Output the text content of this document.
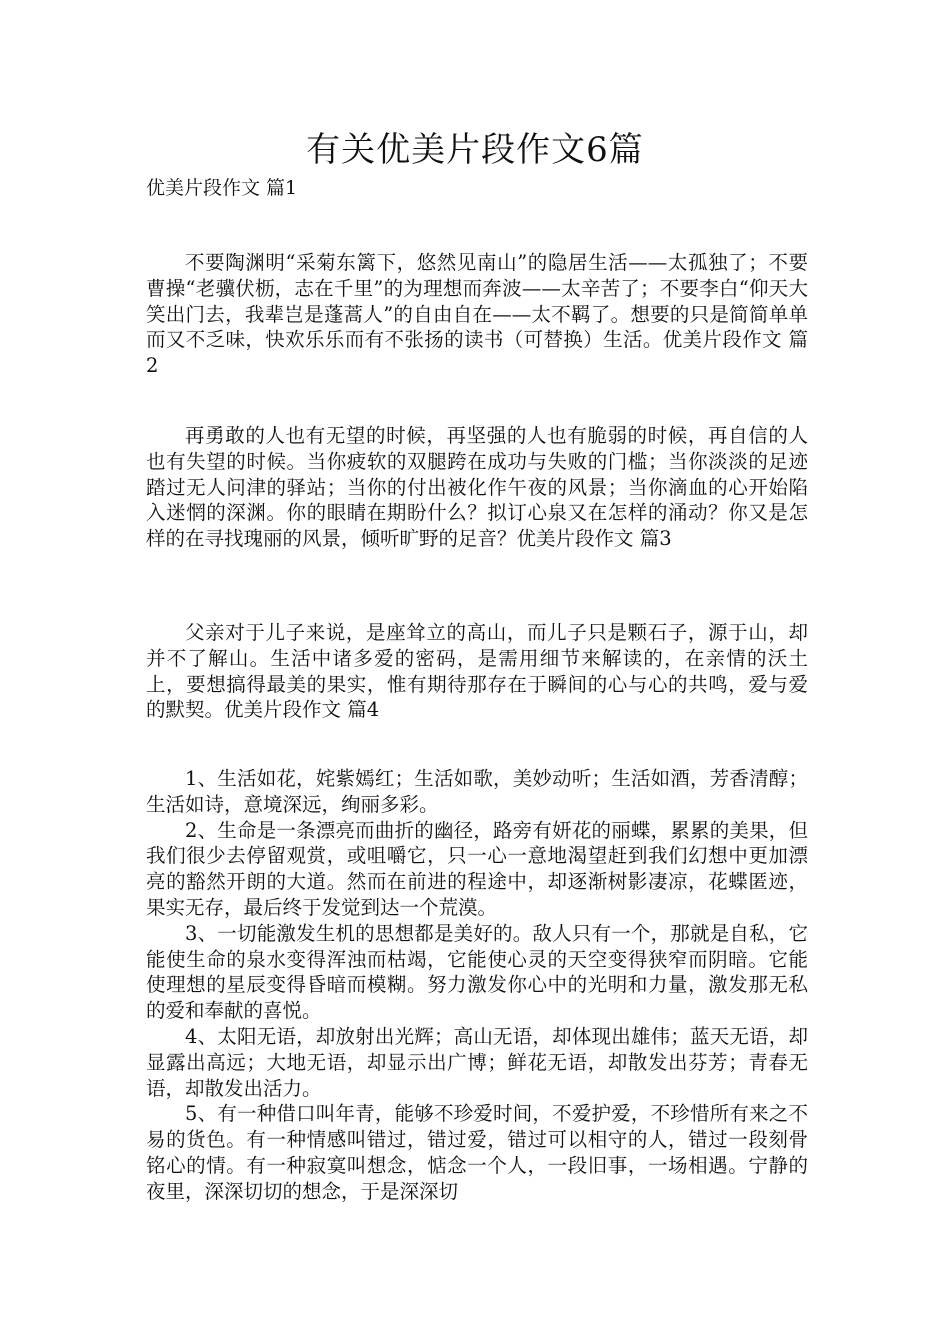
有关优美片段作文6篇

优美片段作文 篇1

不要陶渊明“采菊东篱下，悠然见南山”的隐居生活——太孤独了；不要曹操“老骥伏枥，志在千里”的为理想而奔波——太辛苦了；不要李白“仰天大笑出门去，我辈岂是蓬蒿人”的自由自在——太不羁了。想要的只是简简单单而又不乏味，快欢乐乐而有不张扬的读书（可替换）生活。优美片段作文 篇2

再勇敢的人也有无望的时候，再坚强的人也有脆弱的时候，再自信的人也有失望的时候。当你疲软的双腿跨在成功与失败的门槛；当你淡淡的足迹踏过无人问津的驿站；当你的付出被化作午夜的风景；当你滴血的心开始陷入迷惘的深渊。你的眼睛在期盼什么？拟订心泉又在怎样的涌动？你又是怎样的在寻找瑰丽的风景，倾听旷野的足音？优美片段作文 篇3

父亲对于儿子来说，是座耸立的高山，而儿子只是颗石子，源于山，却并不了解山。生活中诸多爱的密码，是需用细节来解读的，在亲情的沃土上，要想搞得最美的果实，惟有期待那存在于瞬间的心与心的共鸣，爱与爱的默契。优美片段作文 篇4

1、生活如花，姹紫嫣红；生活如歌，美妙动听；生活如酒，芳香清醇；生活如诗，意境深远，绚丽多彩。

2、生命是一条漂亮而曲折的幽径，路旁有妍花的丽蝶，累累的美果，但我们很少去停留观赏，或咀嚼它，只一心一意地渴望赶到我们幻想中更加漂亮的豁然开朗的大道。然而在前进的程途中，却逐渐树影凄凉，花蝶匿迹，果实无存，最后终于发觉到达一个荒漠。

3、一切能激发生机的思想都是美好的。敌人只有一个，那就是自私，它能使生命的泉水变得浑浊而枯竭，它能使心灵的天空变得狭窄而阴暗。它能使理想的星辰变得昏暗而模糊。努力激发你心中的光明和力量，激发那无私的爱和奉献的喜悦。

4、太阳无语，却放射出光辉；高山无语，却体现出雄伟；蓝天无语，却显露出高远；大地无语，却显示出广博；鲜花无语，却散发出芬芳；青春无语，却散发出活力。

5、有一种借口叫年青，能够不珍爱时间，不爱护爱，不珍惜所有来之不易的货色。有一种情感叫错过，错过爱，错过可以相守的人，错过一段刻骨铭心的情。有一种寂寞叫想念，惦念一个人，一段旧事，一场相遇。宁静的夜里，深深切切的想念，于是深深切
